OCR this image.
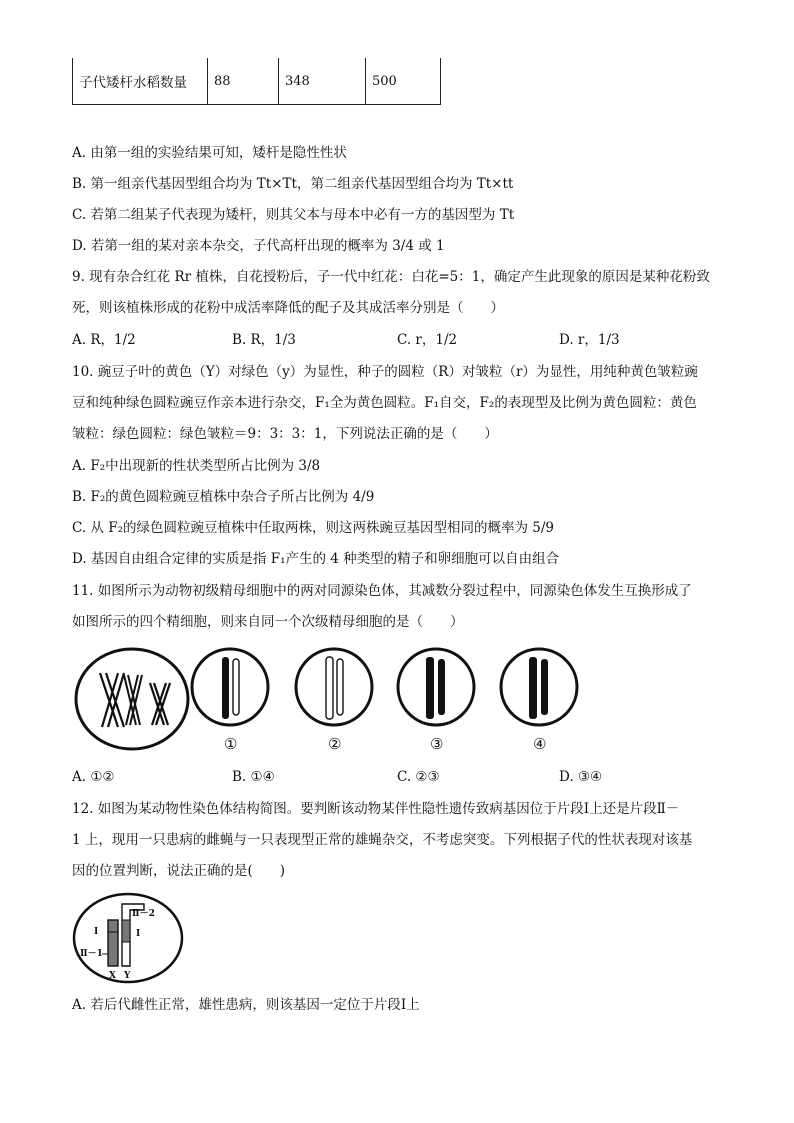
子代矮杆水稻数量	88	348	500
A. 由第一组的实验结果可知，矮杆是隐性性状
B. 第一组亲代基因型组合均为 Tt×Tt，第二组亲代基因型组合均为 Tt×tt
C. 若第二组某子代表现为矮杆，则其父本与母本中必有一方的基因型为 Tt
D. 若第一组的某对亲本杂交，子代高杆出现的概率为 3/4 或 1
9. 现有杂合红花 Rr 植株，自花授粉后，子一代中红花：白花=5：1，确定产生此现象的原因是某种花粉致
死，则该植株形成的花粉中成活率降低的配子及其成活率分别是（　　）
A. R，1/2	B. R，1/3	C. r，1/2	D. r，1/3
10. 豌豆子叶的黄色（Y）对绿色（y）为显性，种子的圆粒（R）对皱粒（r）为显性，用纯种黄色皱粒豌
豆和纯种绿色圆粒豌豆作亲本进行杂交，F₁全为黄色圆粒。F₁自交，F₂的表现型及比例为黄色圆粒：黄色
皱粒：绿色圆粒：绿色皱粒＝9：3：3：1，下列说法正确的是（　　）
A. F₂中出现新的性状类型所占比例为 3/8
B. F₂的黄色圆粒豌豆植株中杂合子所占比例为 4/9
C. 从 F₂的绿色圆粒豌豆植株中任取两株，则这两株豌豆基因型相同的概率为 5/9
D. 基因自由组合定律的实质是指 F₁产生的 4 种类型的精子和卵细胞可以自由组合
11. 如图所示为动物初级精母细胞中的两对同源染色体，其减数分裂过程中，同源染色体发生互换形成了
如图所示的四个精细胞，则来自同一个次级精母细胞的是（　　）
①	②	③	④
A. ①②	B. ①④	C. ②③	D. ③④
12. 如图为某动物性染色体结构简图。要判断该动物某伴性隐性遗传致病基因位于片段Ⅰ上还是片段Ⅱ－
1 上，现用一只患病的雌蝇与一只表现型正常的雄蝇杂交，不考虑突变。下列根据子代的性状表现对该基
因的位置判断，说法正确的是(　　)
Ⅱ－2
Ⅰ	Ⅰ
Ⅱ－1
X Y
A. 若后代雌性正常，雄性患病，则该基因一定位于片段Ⅰ上
